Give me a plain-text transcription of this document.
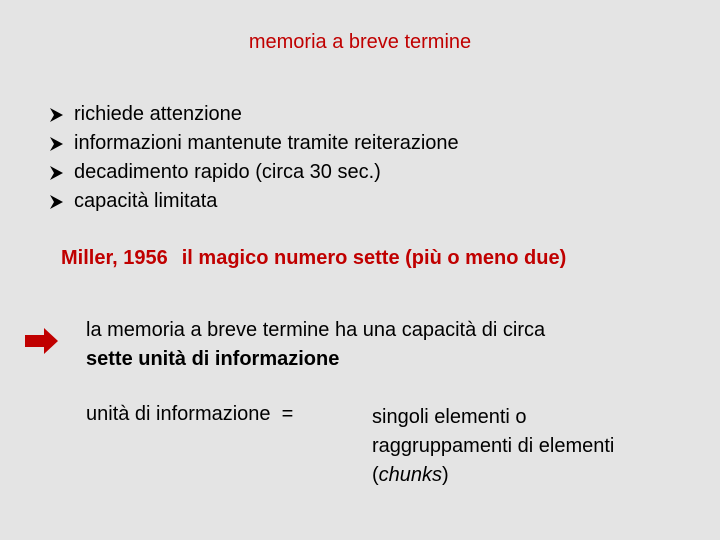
memoria a breve termine
richiede attenzione
informazioni mantenute tramite reiterazione
decadimento rapido (circa 30 sec.)
capacità limitata
Miller, 1956 il magico numero sette (più o meno due)
la memoria a breve termine ha una capacità di circa
sette unità di informazione
unità di informazione  =	singoli elementi o
raggruppamenti di elementi
(chunks)
